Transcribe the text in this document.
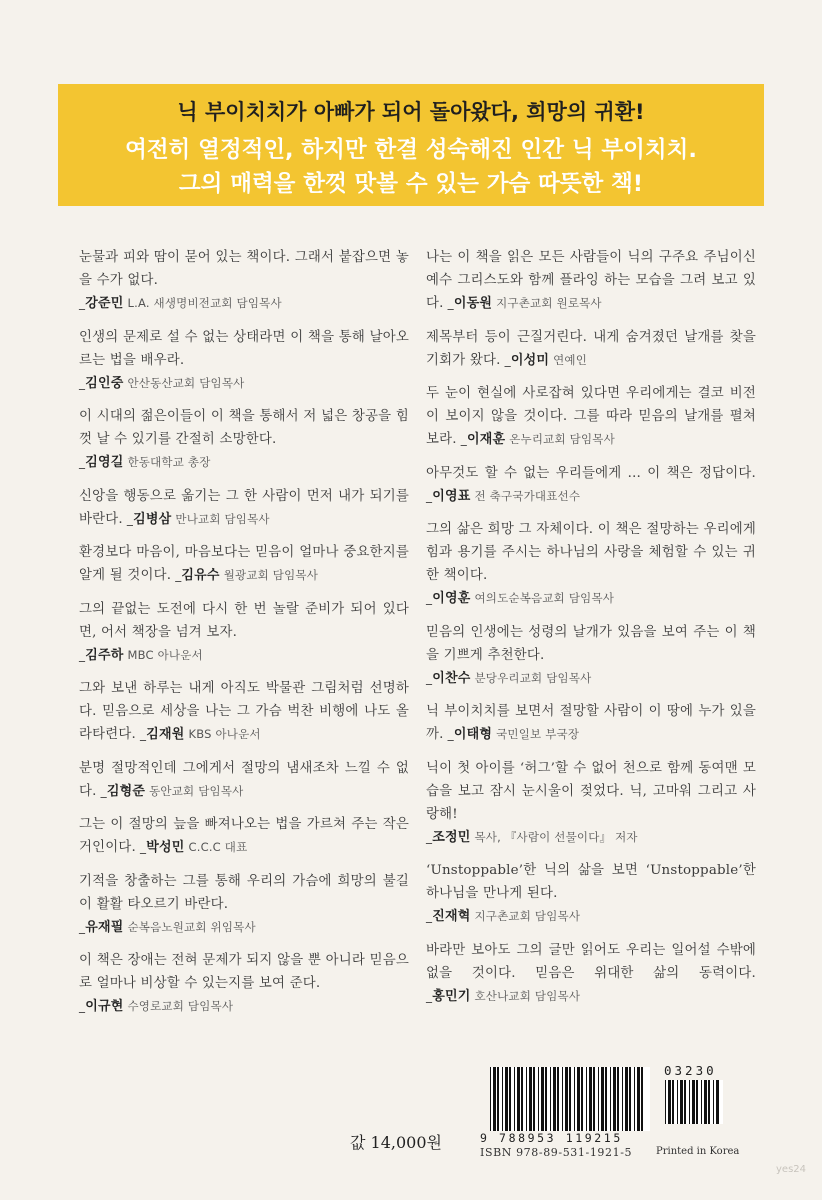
닉 부이치치가 아빠가 되어 돌아왔다, 희망의 귀환!
여전히 열정적인, 하지만 한결 성숙해진 인간 닉 부이치치.
그의 매력을 한껏 맛볼 수 있는 가슴 따뜻한 책!
눈물과 피와 땀이 묻어 있는 책이다. 그래서 붙잡으면 놓을 수가 없다.
_강준민 L.A. 새생명비전교회 담임목사
인생의 문제로 설 수 없는 상태라면 이 책을 통해 날아오르는 법을 배우라.
_김인중 안산동산교회 담임목사
이 시대의 젊은이들이 이 책을 통해서 저 넓은 창공을 힘껏 날 수 있기를 간절히 소망한다.
_김영길 한동대학교 총장
신앙을 행동으로 옮기는 그 한 사람이 먼저 내가 되기를 바란다. _김병삼 만나교회 담임목사
환경보다 마음이, 마음보다는 믿음이 얼마나 중요한지를 알게 될 것이다. _김유수 월광교회 담임목사
그의 끝없는 도전에 다시 한 번 놀랄 준비가 되어 있다면, 어서 책장을 넘겨 보자.
_김주하 MBC 아나운서
그와 보낸 하루는 내게 아직도 박물관 그림처럼 선명하다. 믿음으로 세상을 나는 그 가슴 벅찬 비행에 나도 올라타련다. _김재원 KBS 아나운서
분명 절망적인데 그에게서 절망의 냄새조차 느낄 수 없다. _김형준 동안교회 담임목사
그는 이 절망의 늪을 빠져나오는 법을 가르쳐 주는 작은 거인이다. _박성민 C.C.C 대표
기적을 창출하는 그를 통해 우리의 가슴에 희망의 불길이 활활 타오르기 바란다.
_유재필 순복음노원교회 위임목사
이 책은 장애는 전혀 문제가 되지 않을 뿐 아니라 믿음으로 얼마나 비상할 수 있는지를 보여 준다.
_이규현 수영로교회 담임목사
나는 이 책을 읽은 모든 사람들이 닉의 구주요 주님이신 예수 그리스도와 함께 플라잉 하는 모습을 그려 보고 있다. _이동원 지구촌교회 원로목사
제목부터 등이 근질거린다. 내게 숨겨졌던 날개를 찾을 기회가 왔다. _이성미 연예인
두 눈이 현실에 사로잡혀 있다면 우리에게는 결코 비전이 보이지 않을 것이다. 그를 따라 믿음의 날개를 펼쳐 보라. _이재훈 온누리교회 담임목사
아무것도 할 수 없는 우리들에게 … 이 책은 정답이다. _이영표 전 축구국가대표선수
그의 삶은 희망 그 자체이다. 이 책은 절망하는 우리에게 힘과 용기를 주시는 하나님의 사랑을 체험할 수 있는 귀한 책이다.
_이영훈 여의도순복음교회 담임목사
믿음의 인생에는 성령의 날개가 있음을 보여 주는 이 책을 기쁘게 추천한다.
_이찬수 분당우리교회 담임목사
닉 부이치치를 보면서 절망할 사람이 이 땅에 누가 있을까. _이태형 국민일보 부국장
닉이 첫 아이를 ‘허그’할 수 없어 천으로 함께 동여맨 모습을 보고 잠시 눈시울이 젖었다. 닉, 고마워 그리고 사랑해!
_조정민 목사, 『사람이 선물이다』 저자
‘Unstoppable’한 닉의 삶을 보면 ‘Unstoppable’한 하나님을 만나게 된다.
_진재혁 지구촌교회 담임목사
바라만 보아도 그의 글만 읽어도 우리는 일어설 수밖에 없을 것이다. 믿음은 위대한 삶의 동력이다. _홍민기 호산나교회 담임목사
값 14,000원
03230
9 788953 119215
ISBN 978-89-531-1921-5 Printed in Korea
yes24
